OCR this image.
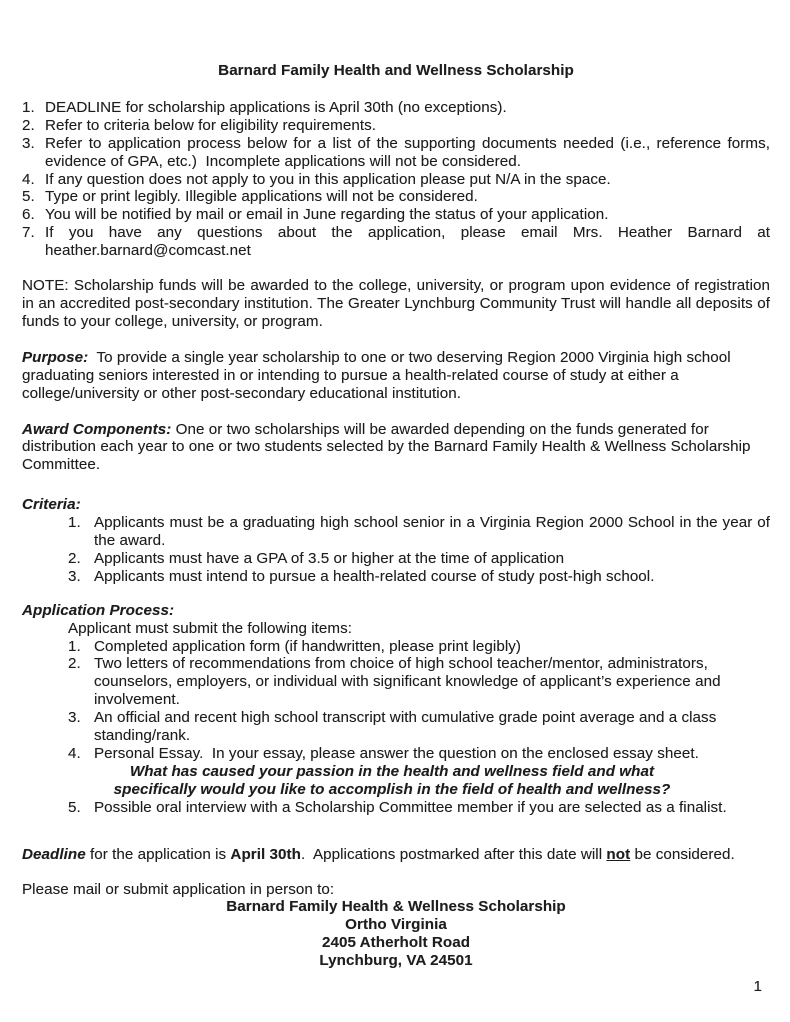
Barnard Family Health and Wellness Scholarship
1. DEADLINE for scholarship applications is April 30th (no exceptions).
2. Refer to criteria below for eligibility requirements.
3. Refer to application process below for a list of the supporting documents needed (i.e., reference forms, evidence of GPA, etc.)  Incomplete applications will not be considered.
4. If any question does not apply to you in this application please put N/A in the space.
5. Type or print legibly. Illegible applications will not be considered.
6. You will be notified by mail or email in June regarding the status of your application.
7. If you have any questions about the application, please email Mrs. Heather Barnard at heather.barnard@comcast.net

NOTE: Scholarship funds will be awarded to the college, university, or program upon evidence of registration in an accredited post-secondary institution. The Greater Lynchburg Community Trust will handle all deposits of funds to your college, university, or program.

Purpose:  To provide a single year scholarship to one or two deserving Region 2000 Virginia high school graduating seniors interested in or intending to pursue a health-related course of study at either a college/university or other post-secondary educational institution.

Award Components: One or two scholarships will be awarded depending on the funds generated for distribution each year to one or two students selected by the Barnard Family Health & Wellness Scholarship Committee.

Criteria:
1. Applicants must be a graduating high school senior in a Virginia Region 2000 School in the year of the award.
2. Applicants must have a GPA of 3.5 or higher at the time of application
3. Applicants must intend to pursue a health-related course of study post-high school.
Application Process:
Applicant must submit the following items:
1. Completed application form (if handwritten, please print legibly)
2. Two letters of recommendations from choice of high school teacher/mentor, administrators, counselors, employers, or individual with significant knowledge of applicant’s experience and involvement.
3. An official and recent high school transcript with cumulative grade point average and a class standing/rank.
4. Personal Essay.  In your essay, please answer the question on the enclosed essay sheet.
What has caused your passion in the health and wellness field and what
specifically would you like to accomplish in the field of health and wellness?
5. Possible oral interview with a Scholarship Committee member if you are selected as a finalist.
Deadline for the application is April 30th.  Applications postmarked after this date will not be considered.
Please mail or submit application in person to:
Barnard Family Health & Wellness Scholarship
Ortho Virginia
2405 Atherholt Road
Lynchburg, VA 24501
1
